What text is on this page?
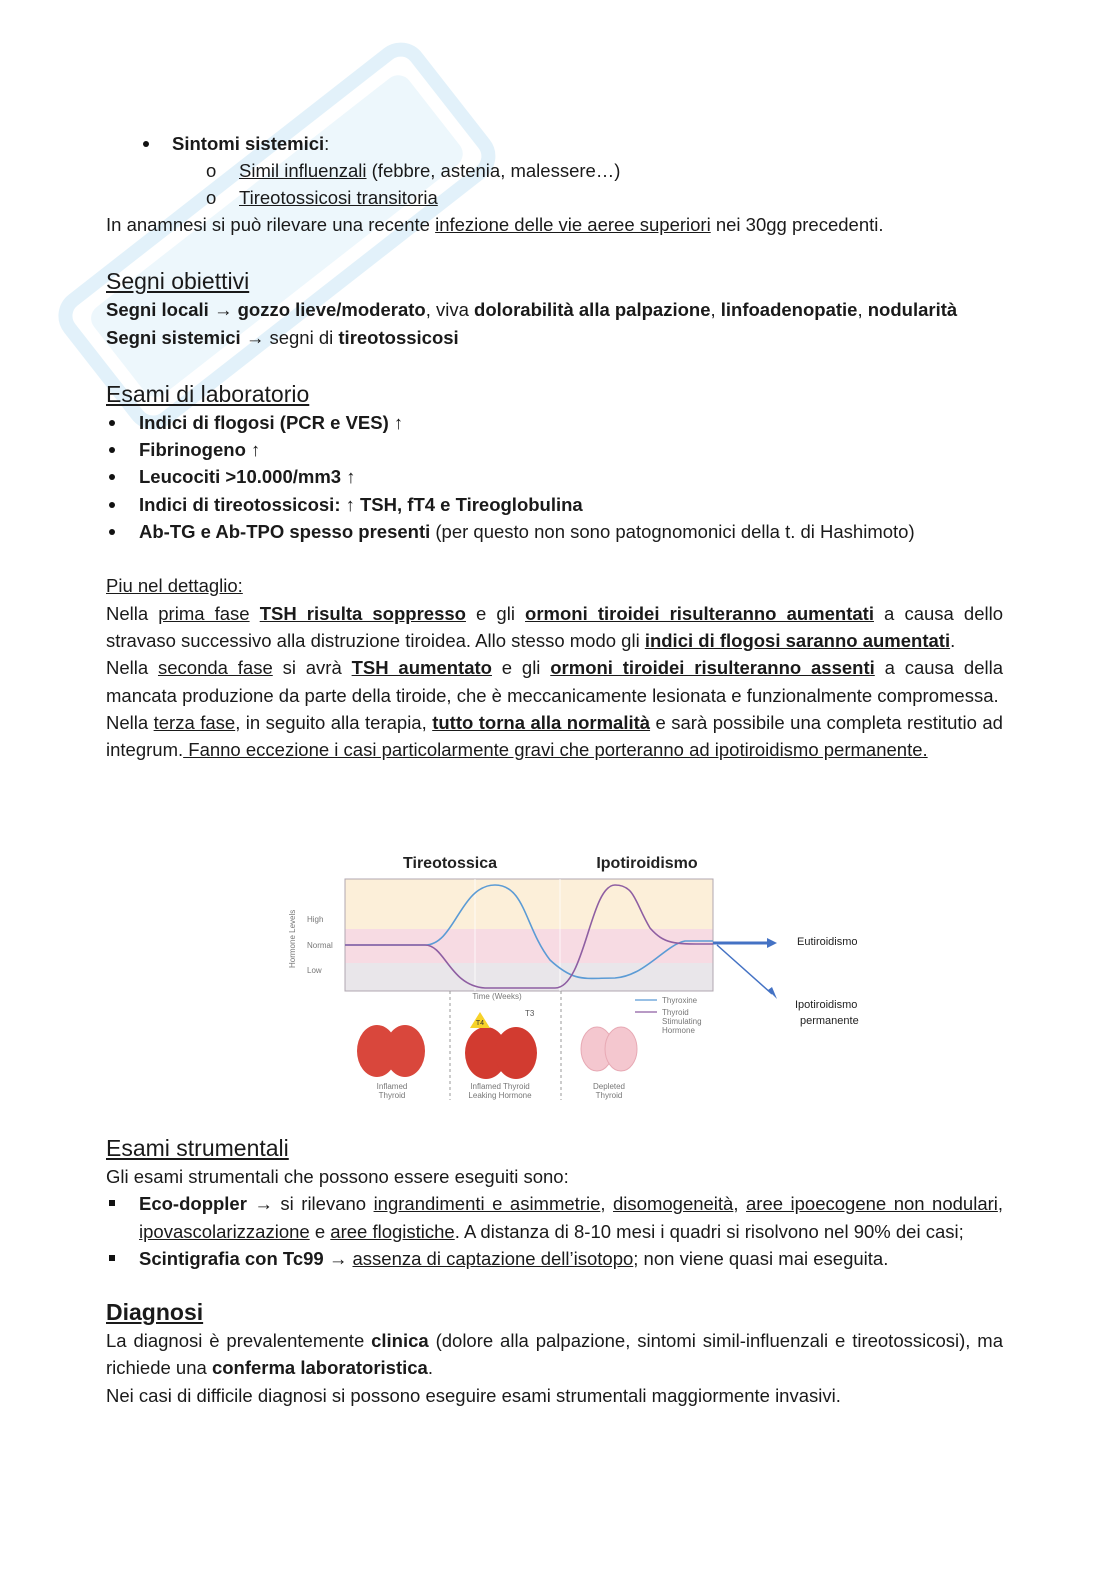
Sintomi sistemici:
o Simil influenzali (febbre, astenia, malessere…)
o Tireotossicosi transitoria
In anamnesi si può rilevare una recente infezione delle vie aeree superiori nei 30gg precedenti.
Segni obiettivi
Segni locali → gozzo lieve/moderato, viva dolorabilità alla palpazione, linfoadenopatie, nodularità
Segni sistemici → segni di tireotossicosi
Esami di laboratorio
Indici di flogosi (PCR e VES) ↑
Fibrinogeno ↑
Leucociti >10.000/mm3 ↑
Indici di tireotossicosi: ↑ TSH, fT4 e Tireoglobulina
Ab-TG e Ab-TPO spesso presenti (per questo non sono patognomonici della t. di Hashimoto)
Piu nel dettaglio:
Nella prima fase TSH risulta soppresso e gli ormoni tiroidei risulteranno aumentati a causa dello stravaso successivo alla distruzione tiroidea. Allo stesso modo gli indici di flogosi saranno aumentati.
Nella seconda fase si avrà TSH aumentato e gli ormoni tiroidei risulteranno assenti a causa della mancata produzione da parte della tiroide, che è meccanicamente lesionata e funzionalmente compromessa.
Nella terza fase, in seguito alla terapia, tutto torna alla normalità e sarà possibile una completa restitutio ad integrum. Fanno eccezione i casi particolarmente gravi che porteranno ad ipotiroidismo permanente.
Tireotossica	Ipotiroidismo
Hormone Levels High
Normal
Low
Time (Weeks)
Eutiroidismo
Ipotiroidismo
permanente
Thyroxine
Thyroid
Stimulating
Hormone
T4
T3
Inflamed
Thyroid
Inflamed Thyroid
Leaking Hormone
Depleted
Thyroid
Esami strumentali
Gli esami strumentali che possono essere eseguiti sono:
Eco-doppler → si rilevano ingrandimenti e asimmetrie, disomogeneità, aree ipoecogene non nodulari, ipovascolarizzazione e aree flogistiche. A distanza di 8-10 mesi i quadri si risolvono nel 90% dei casi;
Scintigrafia con Tc99 → assenza di captazione dell’isotopo; non viene quasi mai eseguita.
Diagnosi
La diagnosi è prevalentemente clinica (dolore alla palpazione, sintomi simil-influenzali e tireotossicosi), ma richiede una conferma laboratoristica.
Nei casi di difficile diagnosi si possono eseguire esami strumentali maggiormente invasivi.
